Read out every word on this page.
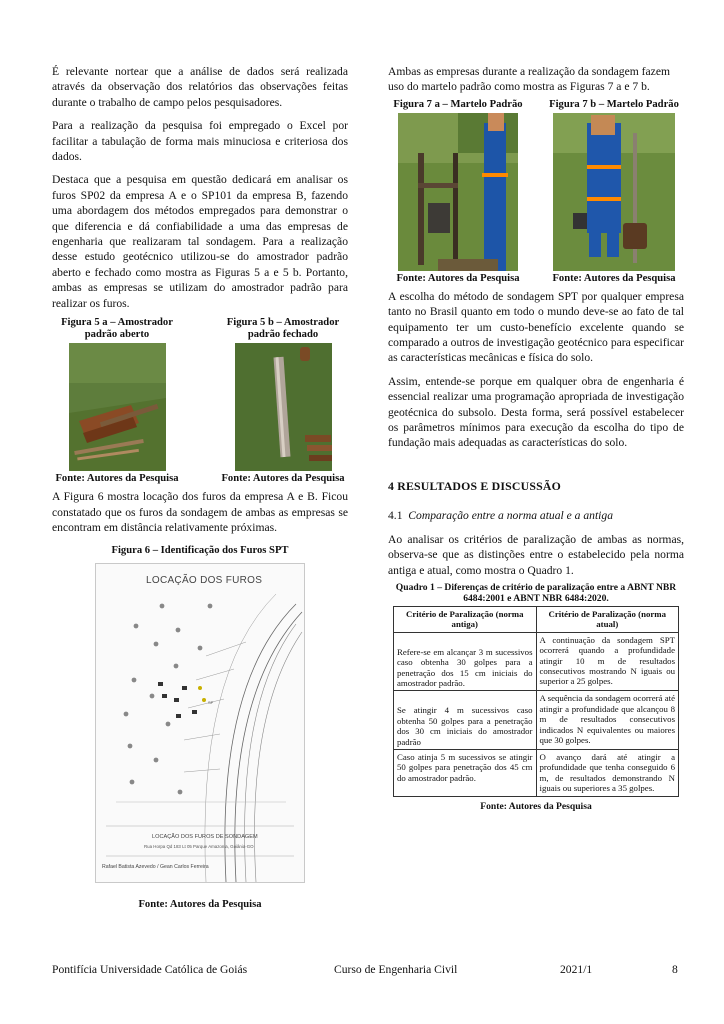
É relevante nortear que a análise de dados será realizada através da observação dos relatórios das observações feitas durante o trabalho de campo pelos pesquisadores.

Para a realização da pesquisa foi empregado o Excel por facilitar a tabulação de forma mais minuciosa e criteriosa dos dados.

Destaca que a pesquisa em questão dedicará em analisar os furos SP02 da empresa A e o SP101 da empresa B, fazendo uma abordagem dos métodos empregados para demonstrar o que diferencia e dá confiabilidade a uma das empresas de engenharia que realizaram tal sondagem. Para a realização desse estudo geotécnico utilizou-se do amostrador padrão aberto e fechado como mostra as Figuras 5 a e 5 b. Portanto, ambas as empresas se utilizam do amostrador padrão para realizar os furos.

Figura 5 a – Amostrador padrão aberto
Fonte: Autores da Pesquisa
Figura 5 b – Amostrador padrão fechado
Fonte: Autores da Pesquisa

A Figura 6 mostra locação dos furos da empresa A e B. Ficou constatado que os furos da sondagem de ambas as empresas se encontram em distância relativamente próximas.

Figura 6 – Identificação dos Furos SPT
SP
LOCAÇÃO DOS FUROS
LOCAÇÃO DOS FUROS DE SONDAGEM
Rua Horpa Qd 183 Lt 05 Parque Amazonia, Goiânia-GO
Rafael Batista Azevedo / Gean Carlos Ferreira
Fonte: Autores da Pesquisa

Ambas as empresas durante a realização da sondagem fazem uso do martelo padrão como mostra as Figuras 7 a e 7 b.

Figura 7 a – Martelo Padrão
Fonte: Autores da Pesquisa
Figura 7 b – Martelo Padrão
Fonte: Autores da Pesquisa

A escolha do método de sondagem SPT por qualquer empresa tanto no Brasil quanto em todo o mundo deve-se ao fato de tal equipamento ter um custo-benefício excelente quando se comparado a outros de investigação geotécnico para especificar as características mecânicas e física do solo.

Assim, entende-se porque em qualquer obra de engenharia é essencial realizar uma programação apropriada de investigação geotécnica do subsolo. Desta forma, será possível estabelecer os parâmetros mínimos para execução da escolha do tipo de fundação mais adequadas as características do solo.

4 RESULTADOS E DISCUSSÃO
4.1 Comparação entre a norma atual e a antiga

Ao analisar os critérios de paralização de ambas as normas, observa-se que as distinções entre o estabelecido pela norma antiga e atual, como mostra o Quadro 1.

Quadro 1 – Diferenças de critério de paralização entre a ABNT NBR 6484:2001 e ABNT NBR 6484:2020.
Critério de Paralização (norma antiga)	Critério de Paralização (norma atual)
Refere-se em alcançar 3 m sucessivos caso obtenha 30 golpes para a penetração dos 15 cm iniciais do amostrador padrão.	A continuação da sondagem SPT ocorrerá quando a profundidade atingir 10 m de resultados consecutivos mostrando N iguais ou superior a 25 golpes.
Se atingir 4 m sucessivos caso obtenha 50 golpes para a penetração dos 30 cm iniciais do amostrador padrão	A sequência da sondagem ocorrerá até atingir a profundidade que alcançou 8 m de resultados consecutivos indicados N equivalentes ou maiores que 30 golpes.
Caso atinja 5 m sucessivos se atingir 50 golpes para penetração dos 45 cm do amostrador padrão.	O avanço dará até atingir a profundidade que tenha conseguido 6 m, de resultados demonstrando N iguais ou superiores a 35 golpes.
Fonte: Autores da Pesquisa
Pontifícia Universidade Católica de Goiás	Curso de Engenharia Civil	2021/1	8
